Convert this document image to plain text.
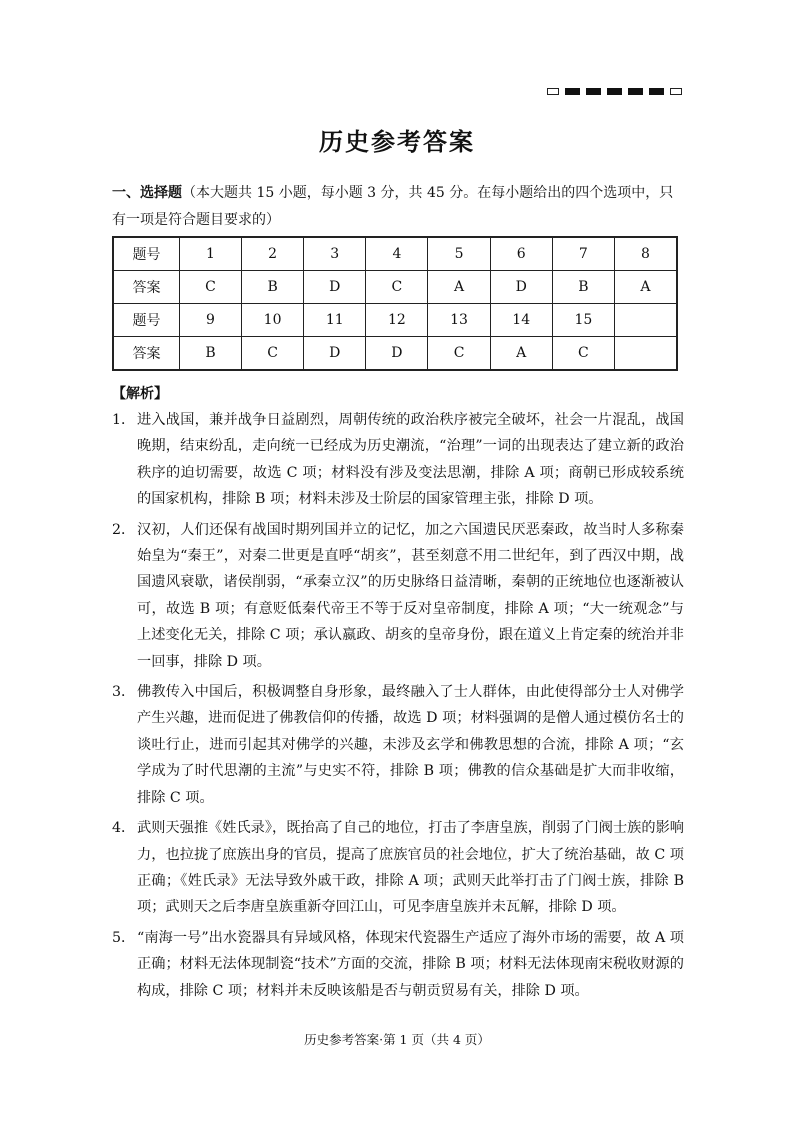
历史参考答案
一、选择题（本大题共 15 小题，每小题 3 分，共 45 分。在每小题给出的四个选项中，只有一项是符合题目要求的）
题号	1	2	3	4	5	6	7	8
答案	C	B	D	C	A	D	B	A
题号	9	10	11	12	13	14	15	
答案	B	C	D	D	C	A	C	
【解析】
1． 进入战国，兼并战争日益剧烈，周朝传统的政治秩序被完全破坏，社会一片混乱，战国晚期，结束纷乱，走向统一已经成为历史潮流，“治理”一词的出现表达了建立新的政治秩序的迫切需要，故选 C 项；材料没有涉及变法思潮，排除 A 项；商朝已形成较系统的国家机构，排除 B 项；材料未涉及士阶层的国家管理主张，排除 D 项。
2． 汉初，人们还保有战国时期列国并立的记忆，加之六国遗民厌恶秦政，故当时人多称秦始皇为“秦王”，对秦二世更是直呼“胡亥”，甚至刻意不用二世纪年，到了西汉中期，战国遗风衰歇，诸侯削弱，“承秦立汉”的历史脉络日益清晰，秦朝的正统地位也逐渐被认可，故选 B 项；有意贬低秦代帝王不等于反对皇帝制度，排除 A 项；“大一统观念”与上述变化无关，排除 C 项；承认嬴政、胡亥的皇帝身份，跟在道义上肯定秦的统治并非一回事，排除 D 项。
3． 佛教传入中国后，积极调整自身形象，最终融入了士人群体，由此使得部分士人对佛学产生兴趣，进而促进了佛教信仰的传播，故选 D 项；材料强调的是僧人通过模仿名士的谈吐行止，进而引起其对佛学的兴趣，未涉及玄学和佛教思想的合流，排除 A 项；“玄学成为了时代思潮的主流”与史实不符，排除 B 项；佛教的信众基础是扩大而非收缩，排除 C 项。
4． 武则天强推《姓氏录》，既抬高了自己的地位，打击了李唐皇族，削弱了门阀士族的影响力，也拉拢了庶族出身的官员，提高了庶族官员的社会地位，扩大了统治基础，故 C 项正确；《姓氏录》无法导致外戚干政，排除 A 项；武则天此举打击了门阀士族，排除 B 项；武则天之后李唐皇族重新夺回江山，可见李唐皇族并未瓦解，排除 D 项。
5． “南海一号”出水瓷器具有异域风格，体现宋代瓷器生产适应了海外市场的需要，故 A 项正确；材料无法体现制瓷“技术”方面的交流，排除 B 项；材料无法体现南宋税收财源的构成，排除 C 项；材料并未反映该船是否与朝贡贸易有关，排除 D 项。
历史参考答案·第 1 页（共 4 页）
